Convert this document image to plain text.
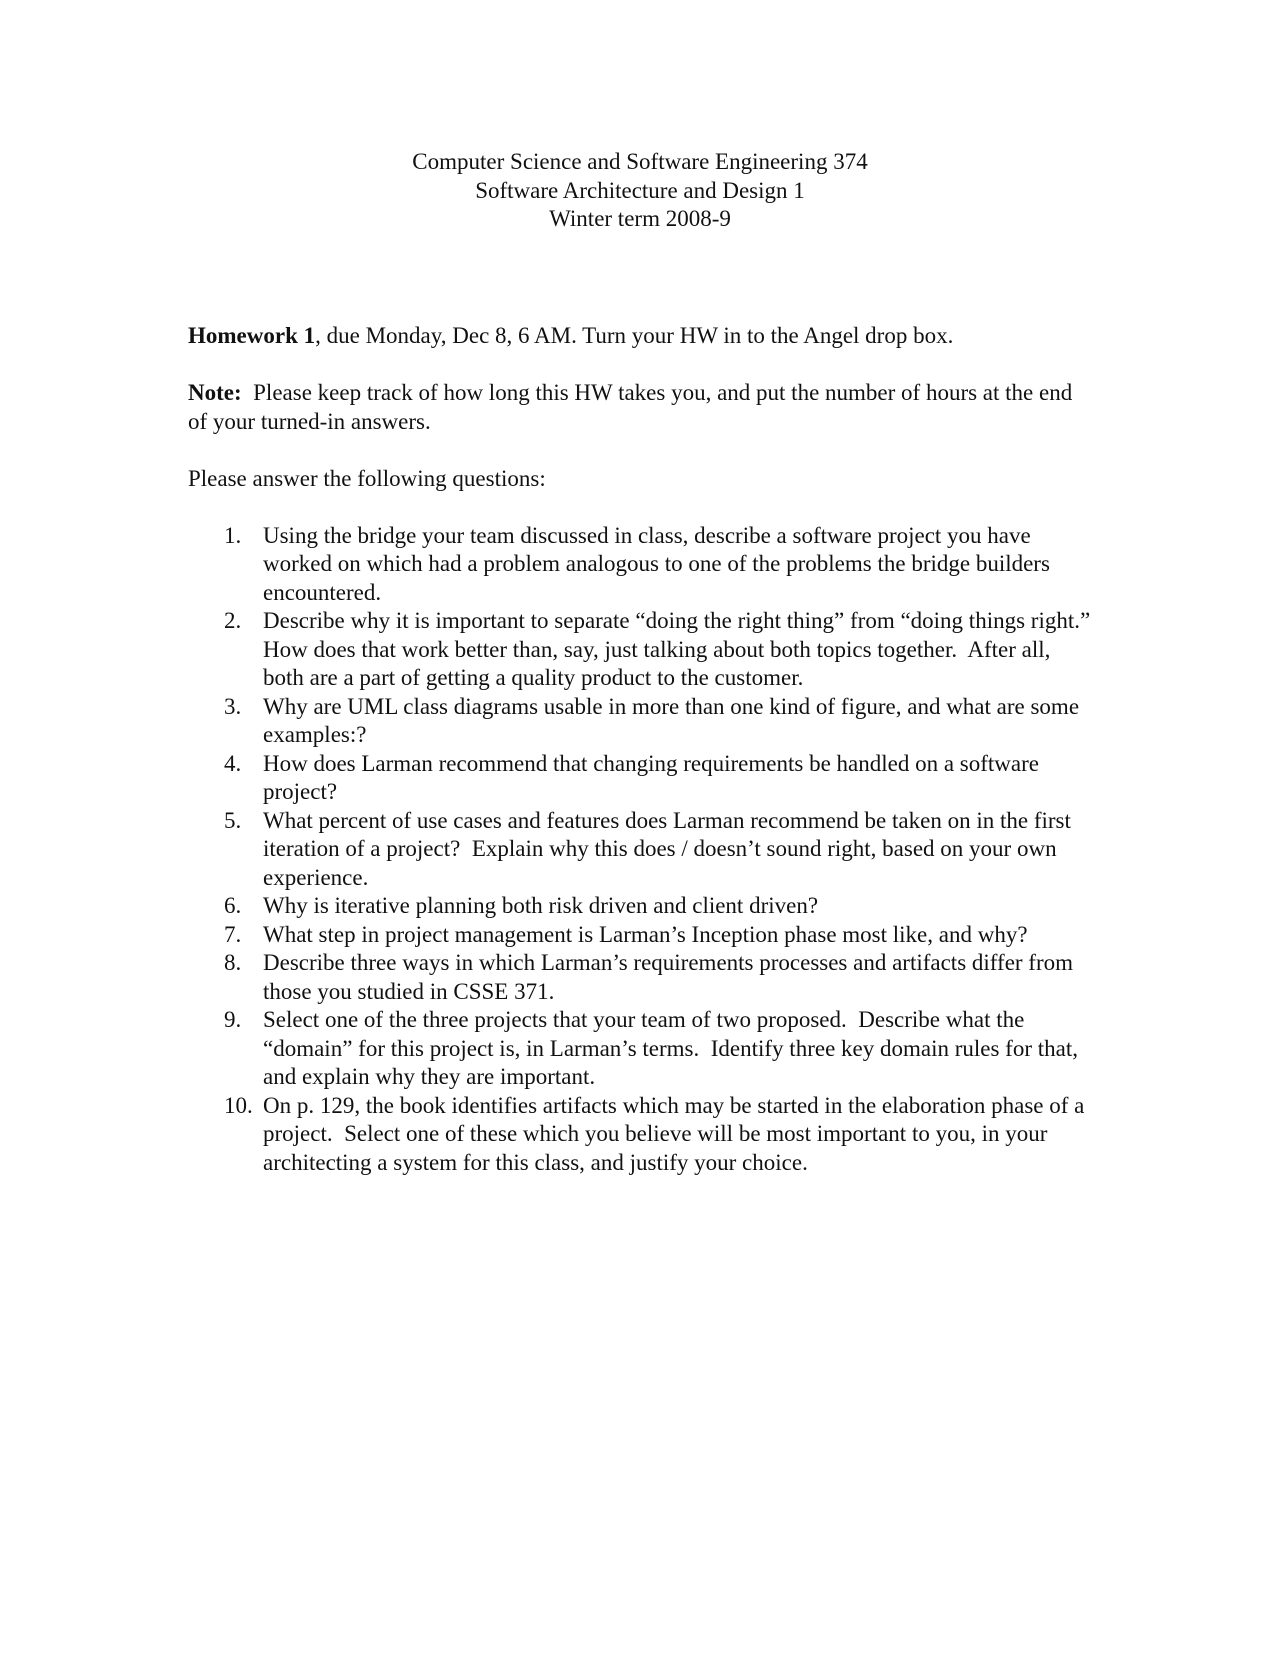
Computer Science and Software Engineering 374
Software Architecture and Design 1
Winter term 2008-9

Homework 1, due Monday, Dec 8, 6 AM. Turn your HW in to the Angel drop box.

Note:  Please keep track of how long this HW takes you, and put the number of hours at the end of your turned-in answers.

Please answer the following questions:

1. Using the bridge your team discussed in class, describe a software project you have worked on which had a problem analogous to one of the problems the bridge builders encountered.
2. Describe why it is important to separate “doing the right thing” from “doing things right.”  How does that work better than, say, just talking about both topics together.  After all, both are a part of getting a quality product to the customer.
3. Why are UML class diagrams usable in more than one kind of figure, and what are some examples:?
4. How does Larman recommend that changing requirements be handled on a software project?
5. What percent of use cases and features does Larman recommend be taken on in the first iteration of a project?  Explain why this does / doesn’t sound right, based on your own experience.
6. Why is iterative planning both risk driven and client driven?
7. What step in project management is Larman’s Inception phase most like, and why?
8. Describe three ways in which Larman’s requirements processes and artifacts differ from those you studied in CSSE 371.
9. Select one of the three projects that your team of two proposed.  Describe what the “domain” for this project is, in Larman’s terms.  Identify three key domain rules for that, and explain why they are important.
10. On p. 129, the book identifies artifacts which may be started in the elaboration phase of a project.  Select one of these which you believe will be most important to you, in your architecting a system for this class, and justify your choice.
